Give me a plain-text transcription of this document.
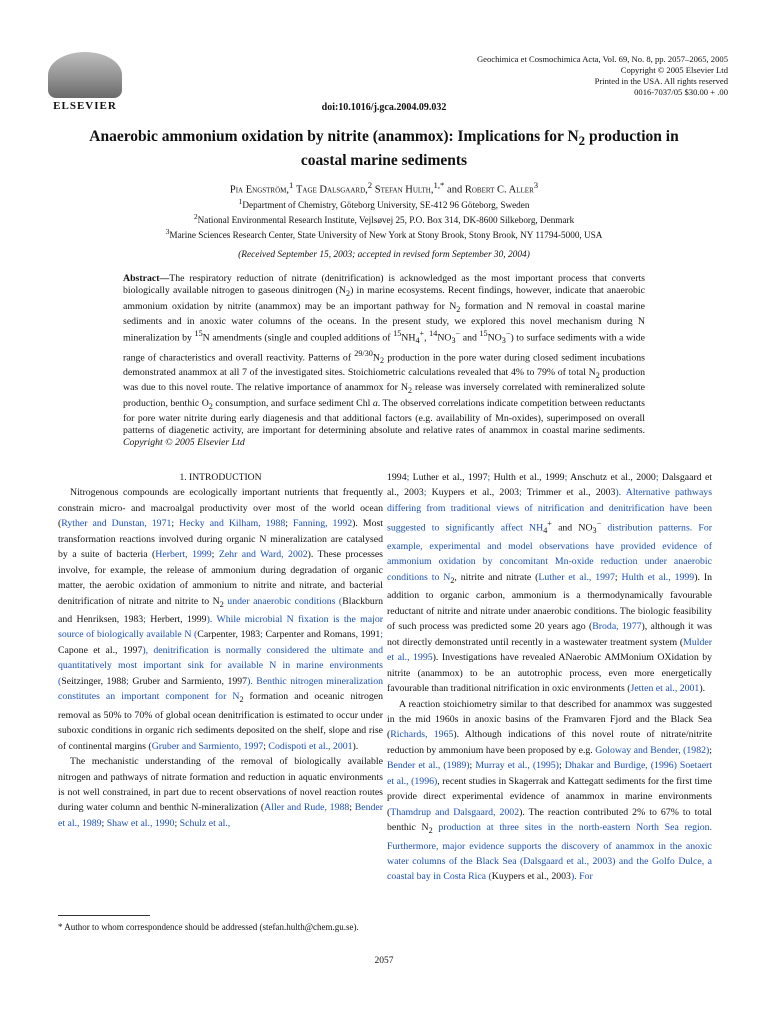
ELSEVIER
Geochimica et Cosmochimica Acta, Vol. 69, No. 8, pp. 2057–2065, 2005
Copyright © 2005 Elsevier Ltd
Printed in the USA. All rights reserved
0016-7037/05 $30.00 + .00
doi:10.1016/j.gca.2004.09.032
Anaerobic ammonium oxidation by nitrite (anammox): Implications for $N_2$ production in coastal marine sediments
Pia Engström,$^1$ Tage Dalsgaard,$^2$ Stefan Hulth,$^{1,*}$ and Robert C. Aller$^3$
$^1$Department of Chemistry, Göteborg University, SE-412 96 Göteborg, Sweden
$^2$National Environmental Research Institute, Vejlsøvej 25, P.O. Box 314, DK-8600 Silkeborg, Denmark
$^3$Marine Sciences Research Center, State University of New York at Stony Brook, Stony Brook, NY 11794-5000, USA
(Received September 15, 2003; accepted in revised form September 30, 2004)
Abstract—The respiratory reduction of nitrate (denitrification) is acknowledged as the most important process that converts biologically available nitrogen to gaseous dinitrogen $(N_2)$ in marine ecosystems. Recent findings, however, indicate that anaerobic ammonium oxidation by nitrite (anammox) may be an important pathway for $N_2$ formation and N removal in coastal marine sediments and in anoxic water columns of the oceans. In the present study, we explored this novel mechanism during N mineralization by $^{15}$N amendments (single and coupled additions of $^{15}NH_4^+$, $^{14}NO_3^-$ and $^{15}NO_3^-$) to surface sediments with a wide range of characteristics and overall reactivity. Patterns of $^{29/30}N_2$ production in the pore water during closed sediment incubations demonstrated anammox at all 7 of the investigated sites. Stoichiometric calculations revealed that 4% to 79% of total $N_2$ production was due to this novel route. The relative importance of anammox for $N_2$ release was inversely correlated with remineralized solute production, benthic $O_2$ consumption, and surface sediment Chl a. The observed correlations indicate competition between reductants for pore water nitrite during early diagenesis and that additional factors (e.g. availability of Mn-oxides), superimposed on overall patterns of diagenetic activity, are important for determining absolute and relative rates of anammox in coastal marine sediments. Copyright © 2005 Elsevier Ltd

1. INTRODUCTION

Nitrogenous compounds are ecologically important nutrients that frequently constrain micro- and macroalgal productivity over most of the world ocean (Ryther and Dunstan, 1971; Hecky and Kilham, 1988; Fanning, 1992). Most transformation reactions involved during organic N mineralization are catalysed by a suite of bacteria (Herbert, 1999; Zehr and Ward, 2002). These processes involve, for example, the release of ammonium during degradation of organic matter, the aerobic oxidation of ammonium to nitrite and nitrate, and bacterial denitrification of nitrate and nitrite to $N_2$ under anaerobic conditions (Blackburn and Henriksen, 1983; Herbert, 1999). While microbial N fixation is the major source of biologically available N (Carpenter, 1983; Carpenter and Romans, 1991; Capone et al., 1997), denitrification is normally considered the ultimate and quantitatively most important sink for available N in marine environments (Seitzinger, 1988; Gruber and Sarmiento, 1997). Benthic nitrogen mineralization constitutes an important component for $N_2$ formation and oceanic nitrogen removal as 50% to 70% of global ocean denitrification is estimated to occur under suboxic conditions in organic rich sediments deposited on the shelf, slope and rise of continental margins (Gruber and Sarmiento, 1997; Codispoti et al., 2001).

The mechanistic understanding of the removal of biologically available nitrogen and pathways of nitrate formation and reduction in aquatic environments is not well constrained, in part due to recent observations of novel reaction routes during water column and benthic N-mineralization (Aller and Rude, 1988; Bender et al., 1989; Shaw et al., 1990; Schulz et al.,

1994; Luther et al., 1997; Hulth et al., 1999; Anschutz et al., 2000; Dalsgaard et al., 2003; Kuypers et al., 2003; Trimmer et al., 2003). Alternative pathways differing from traditional views of nitrification and denitrification have been suggested to significantly affect $NH_4^+$ and $NO_3^-$ distribution patterns. For example, experimental and model observations have provided evidence of ammonium oxidation by concomitant Mn-oxide reduction under anaerobic conditions to $N_2$, nitrite and nitrate (Luther et al., 1997; Hulth et al., 1999). In addition to organic carbon, ammonium is a thermodynamically favourable reductant of nitrite and nitrate under anaerobic conditions. The biologic feasibility of such process was predicted some 20 years ago (Broda, 1977), although it was not directly demonstrated until recently in a wastewater treatment system (Mulder et al., 1995). Investigations have revealed ANaerobic AMMonium OXidation by nitrite (anammox) to be an autotrophic process, even more energetically favourable than traditional nitrification in oxic environments (Jetten et al., 2001).

A reaction stoichiometry similar to that described for anammox was suggested in the mid 1960s in anoxic basins of the Framvaren Fjord and the Black Sea (Richards, 1965). Although indications of this novel route of nitrate/nitrite reduction by ammonium have been proposed by e.g. Goloway and Bender, (1982); Bender et al., (1989); Murray et al., (1995); Dhakar and Burdige, (1996) Soetaert et al., (1996), recent studies in Skagerrak and Kattegatt sediments for the first time provide direct experimental evidence of anammox in marine environments (Thamdrup and Dalsgaard, 2002). The reaction contributed 2% to 67% to total benthic $N_2$ production at three sites in the north-eastern North Sea region. Furthermore, major evidence supports the discovery of anammox in the anoxic water columns of the Black Sea (Dalsgaard et al., 2003) and the Golfo Dulce, a coastal bay in Costa Rica (Kuypers et al., 2003). For

* Author to whom correspondence should be addressed (stefan.hulth@chem.gu.se).
2057
